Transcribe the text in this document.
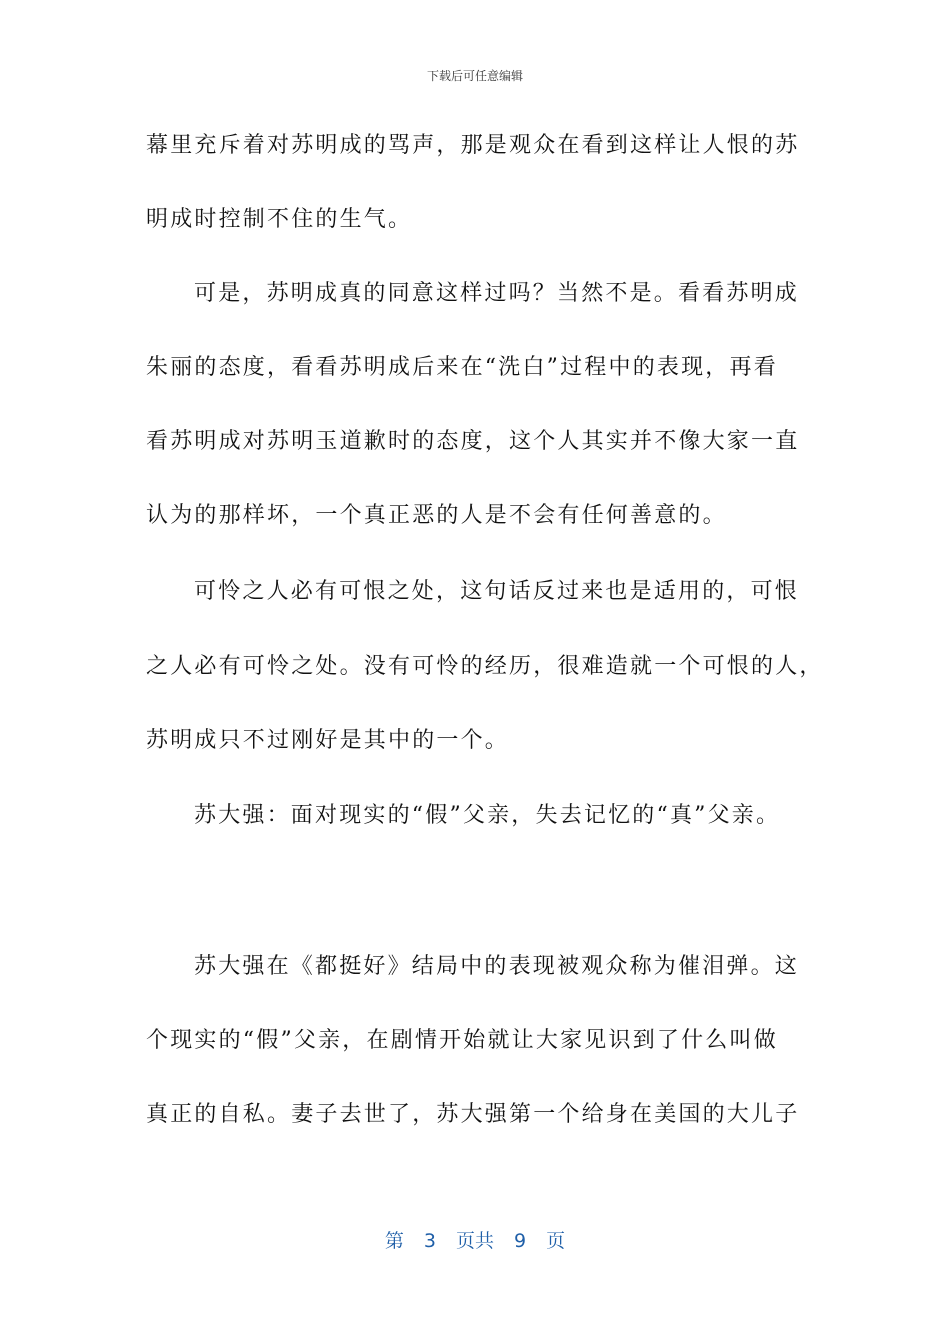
下载后可任意编辑
幕里充斥着对苏明成的骂声，那是观众在看到这样让人恨的苏
明成时控制不住的生气。
可是，苏明成真的同意这样过吗？当然不是。看看苏明成
朱丽的态度，看看苏明成后来在“洗白”过程中的表现，再看
看苏明成对苏明玉道歉时的态度，这个人其实并不像大家一直
认为的那样坏，一个真正恶的人是不会有任何善意的。
可怜之人必有可恨之处，这句话反过来也是适用的，可恨
之人必有可怜之处。没有可怜的经历，很难造就一个可恨的人，
苏明成只不过刚好是其中的一个。
苏大强：面对现实的“假”父亲，失去记忆的“真”父亲。
苏大强在《都挺好》结局中的表现被观众称为催泪弹。这
个现实的“假”父亲，在剧情开始就让大家见识到了什么叫做
真正的自私。妻子去世了，苏大强第一个给身在美国的大儿子
第 3 页共 9 页
